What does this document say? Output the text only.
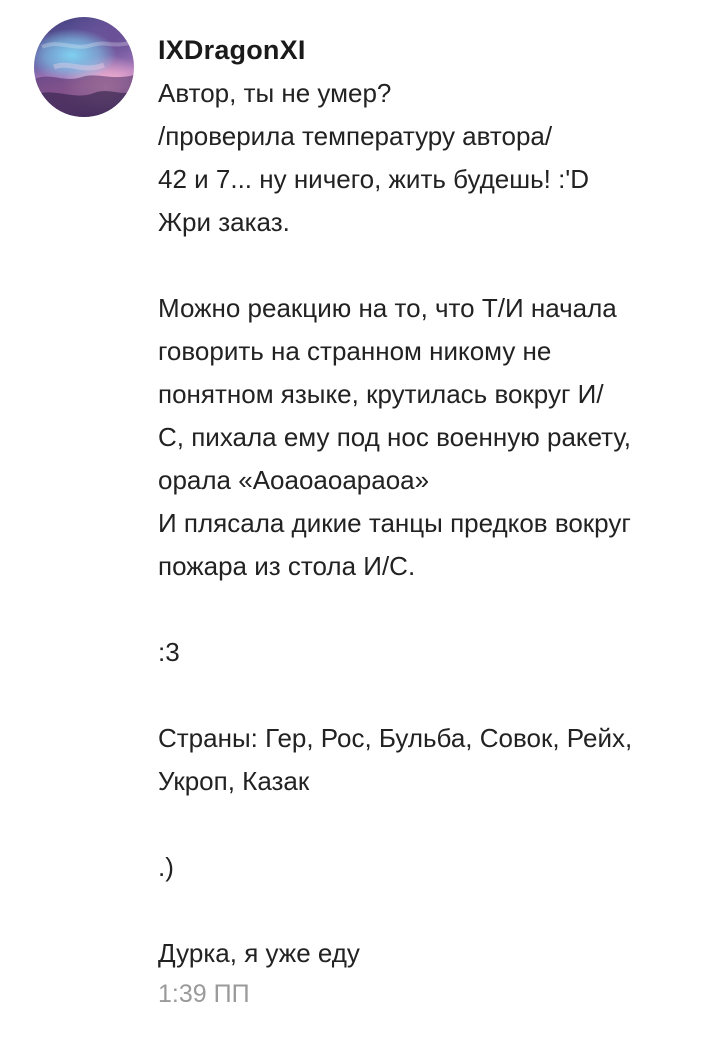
IXDragonXI
Автор, ты не умер?
/проверила температуру автора/
42 и 7... ну ничего, жить будешь! :'D
Жри заказ.
Можно реакцию на то, что Т/И начала
говорить на странном никому не
понятном языке, крутилась вокруг И/
С, пихала ему под нос военную ракету,
орала «Аоаоаоараоа»
И плясала дикие танцы предков вокруг
пожара из стола И/С.
:3
Страны: Гер, Рос, Бульба, Совок, Рейх,
Укроп, Казак
.)
Дурка, я уже еду
1:39 ПП
